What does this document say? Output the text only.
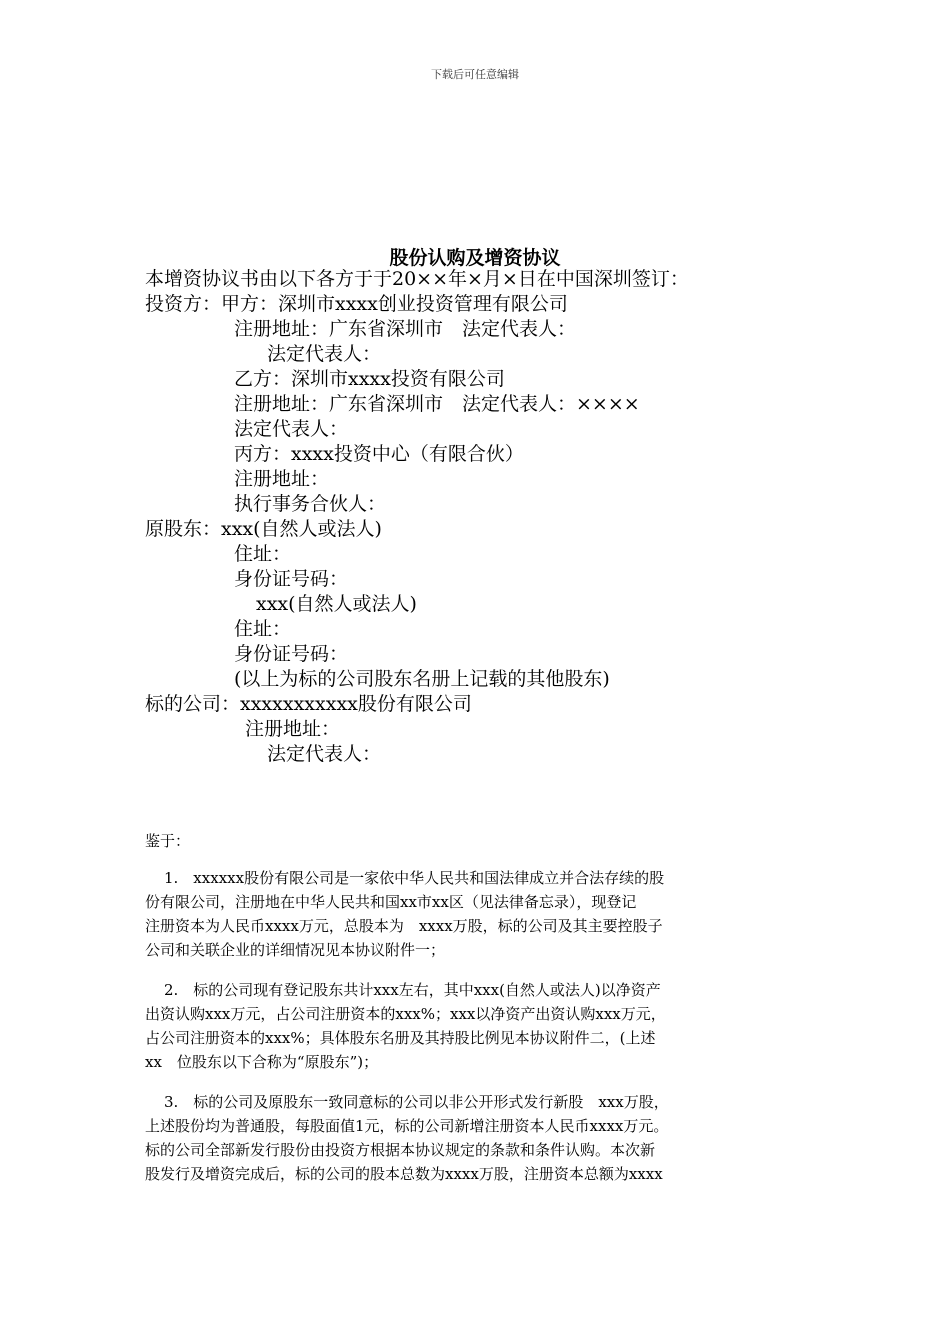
下载后可任意编辑
股份认购及增资协议
本增资协议书由以下各方于于20××年×月×日在中国深圳签订：
投资方：甲方：深圳市xxxx创业投资管理有限公司
注册地址：广东省深圳市　法定代表人：
法定代表人：
乙方：深圳市xxxx投资有限公司
注册地址：广东省深圳市　法定代表人：××××
法定代表人：
丙方：xxxx投资中心（有限合伙）
注册地址：
执行事务合伙人：
原股东：xxx(自然人或法人)
住址：
身份证号码：
xxx(自然人或法人)
住址：
身份证号码：
(以上为标的公司股东名册上记载的其他股东)
标的公司：xxxxxxxxxxx股份有限公司
注册地址：
法定代表人：
鉴于：
1.　xxxxxx股份有限公司是一家依中华人民共和国法律成立并合法存续的股
份有限公司，注册地在中华人民共和国xx市xx区（见法律备忘录），现登记
注册资本为人民币xxxx万元，总股本为　xxxx万股，标的公司及其主要控股子
公司和关联企业的详细情况见本协议附件一；
2.　标的公司现有登记股东共计xxx左右，其中xxx(自然人或法人)以净资产
出资认购xxx万元，占公司注册资本的xxx%；xxx以净资产出资认购xxx万元，
占公司注册资本的xxx%；具体股东名册及其持股比例见本协议附件二，(上述
xx　位股东以下合称为“原股东”)；
3.　标的公司及原股东一致同意标的公司以非公开形式发行新股　xxx万股，
上述股份均为普通股，每股面值1元，标的公司新增注册资本人民币xxxx万元。
标的公司全部新发行股份由投资方根据本协议规定的条款和条件认购。本次新
股发行及增资完成后，标的公司的股本总数为xxxx万股，注册资本总额为xxxx
